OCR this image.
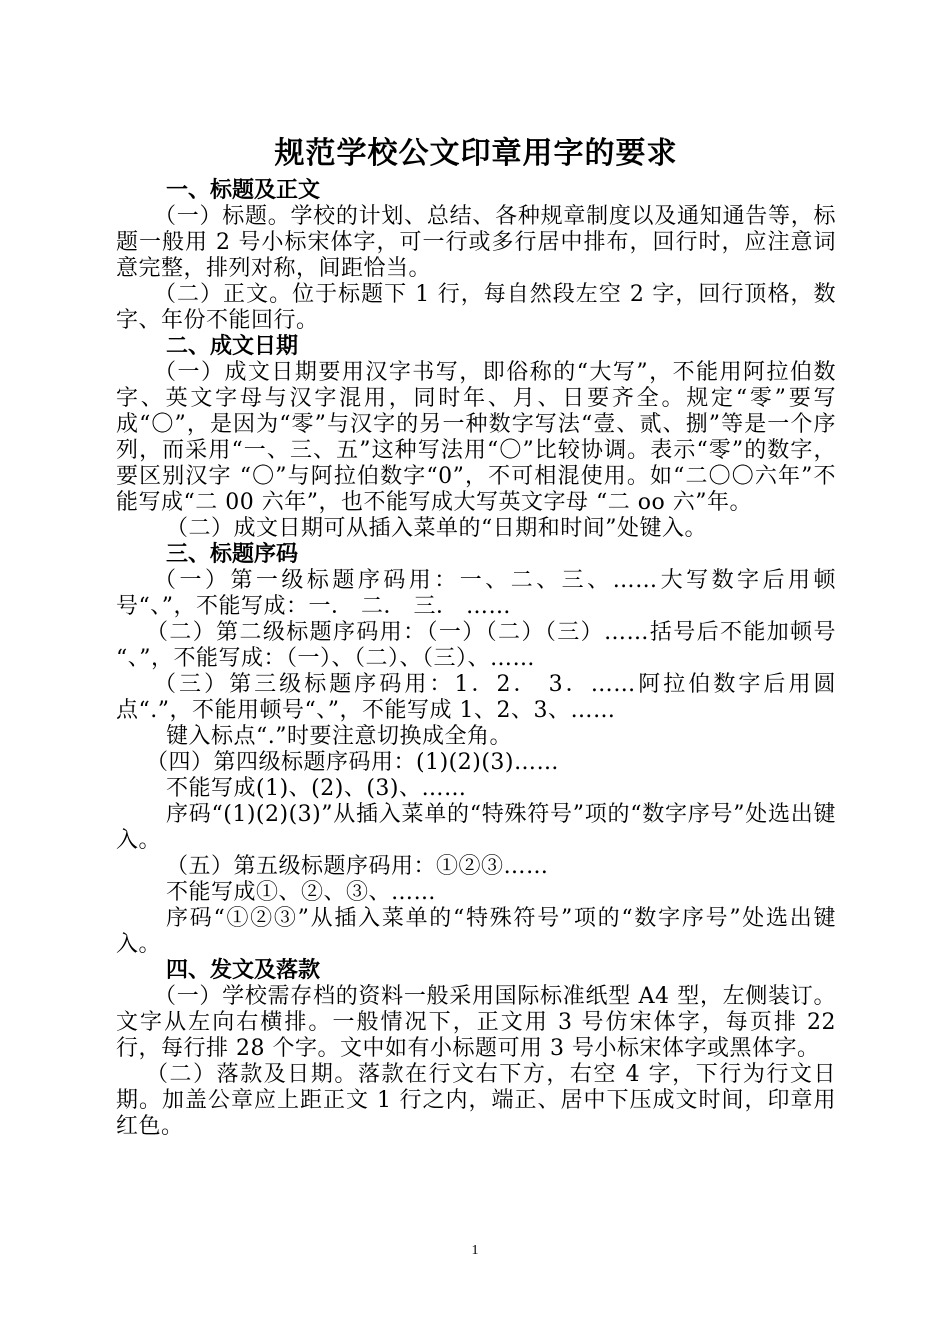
规范学校公文印章用字的要求
一、标题及正文

（一）标题。学校的计划、总结、各种规章制度以及通知通告等，标题一般用 2 号小标宋体字，可一行或多行居中排布，回行时，应注意词意完整，排列对称，间距恰当。

（二）正文。位于标题下 1 行，每自然段左空 2 字，回行顶格，数字、年份不能回行。

二、成文日期

（一）成文日期要用汉字书写，即俗称的“大写”，不能用阿拉伯数字、英文字母与汉字混用，同时年、月、日要齐全。规定“零”要写成“〇”，是因为“零”与汉字的另一种数字写法“壹、贰、捌”等是一个序列，而采用“一、三、五”这种写法用“〇”比较协调。表示“零”的数字，要区别汉字 “〇”与阿拉伯数字“0”，不可相混使用。如“二〇〇六年”不能写成“二 00 六年”，也不能写成大写英文字母 “二 oo 六”年。

（二）成文日期可从插入菜单的“日期和时间”处键入。

三、标题序码

（一）第一级标题序码用：一、二、三、……大写数字后用顿号“、”，不能写成：一． 二． 三． ……

（二）第二级标题序码用：（一）（二）（三）……括号后不能加顿号 “、”，不能写成：（一）、（二）、（三）、……

（三）第三级标题序码用：1．2． 3．……阿拉伯数字后用圆点“.”，不能用顿号“、”，不能写成 1、2、3、……

键入标点“.”时要注意切换成全角。

（四）第四级标题序码用：(1)(2)(3)……

不能写成(1)、(2)、(3)、……

序码“(1)(2)(3)”从插入菜单的“特殊符号”项的“数字序号”处选出键入。

（五）第五级标题序码用：①②③……

不能写成①、②、③、……

序码“①②③”从插入菜单的“特殊符号”项的“数字序号”处选出键入。

四、发文及落款

（一）学校需存档的资料一般采用国际标准纸型 A4 型，左侧装订。文字从左向右横排。一般情况下，正文用 3 号仿宋体字，每页排 22 行，每行排 28 个字。文中如有小标题可用 3 号小标宋体字或黑体字。

（二）落款及日期。落款在行文右下方，右空 4 字，下行为行文日期。加盖公章应上距正文 1 行之内，端正、居中下压成文时间，印章用红色。

1
